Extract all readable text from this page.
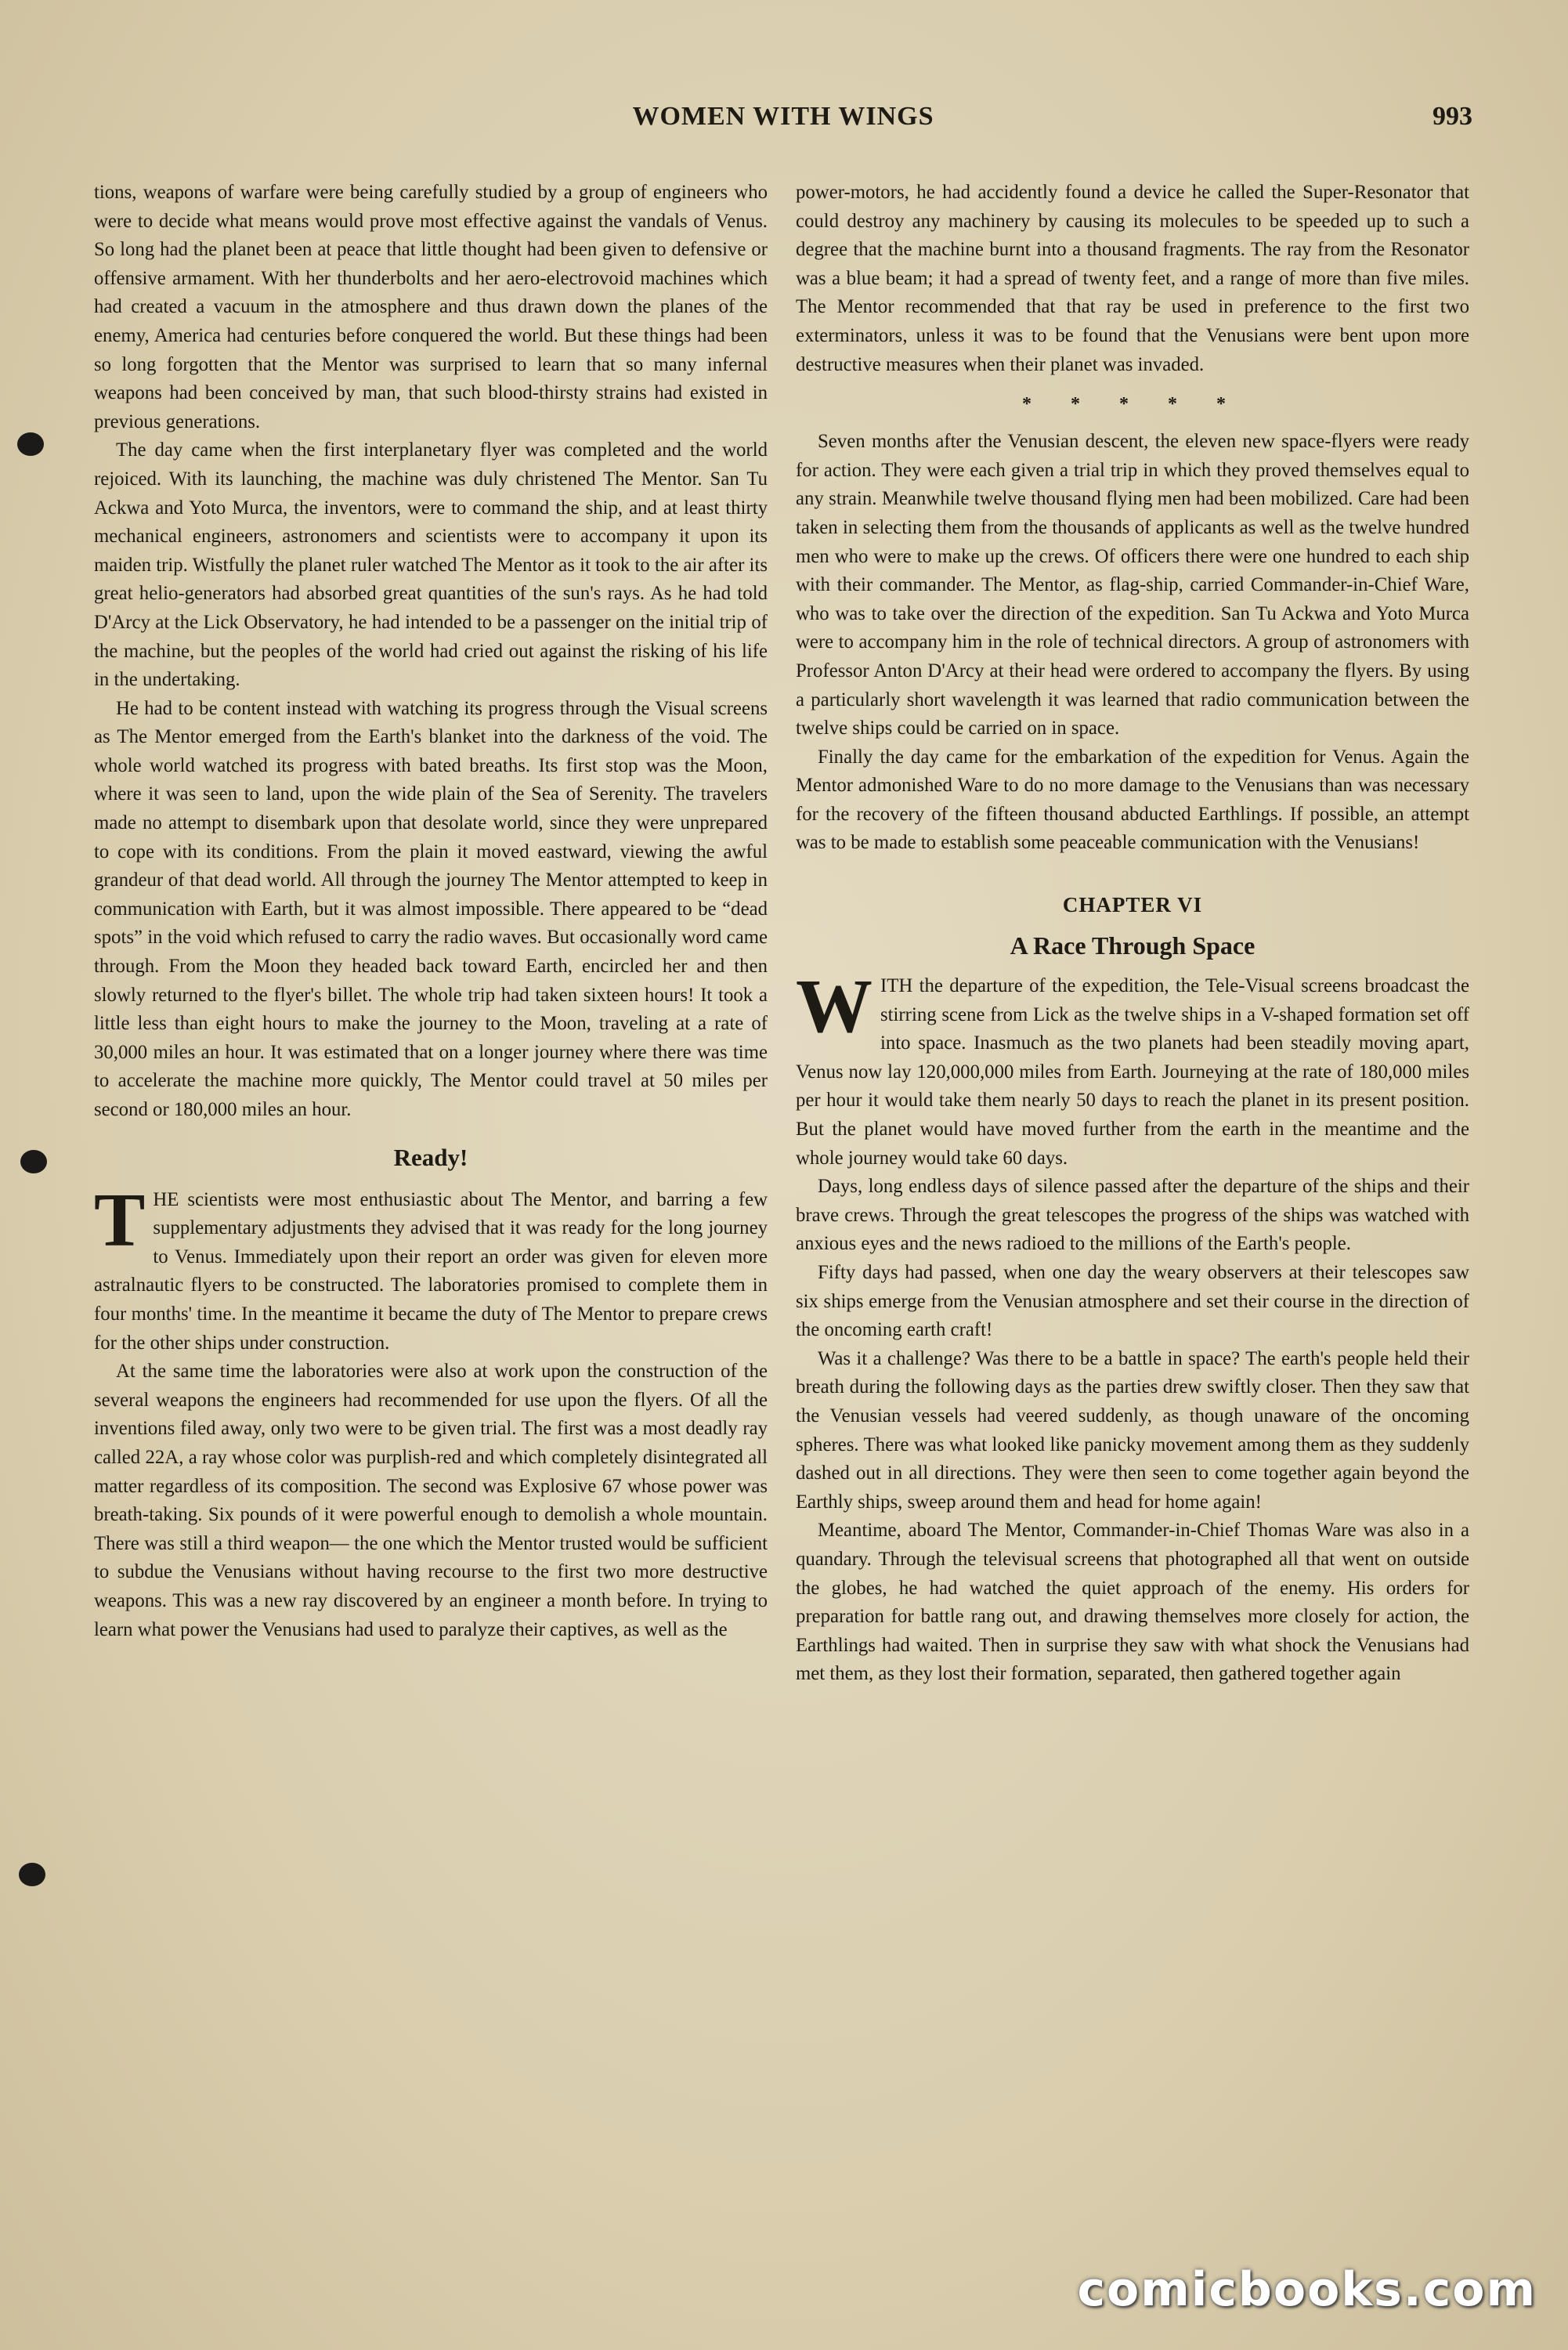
WOMEN WITH WINGS	993

tions, weapons of warfare were being carefully studied by a group of engineers who were to decide what means would prove most effective against the vandals of Venus. So long had the planet been at peace that little thought had been given to defensive or offensive armament. With her thunderbolts and her aero-electrovoid machines which had created a vacuum in the atmosphere and thus drawn down the planes of the enemy, America had centuries before conquered the world. But these things had been so long forgotten that the Mentor was surprised to learn that so many infernal weapons had been conceived by man, that such blood-thirsty strains had existed in previous generations.

The day came when the first interplanetary flyer was completed and the world rejoiced. With its launching, the machine was duly christened The Mentor. San Tu Ackwa and Yoto Murca, the inventors, were to command the ship, and at least thirty mechanical engineers, astronomers and scientists were to accompany it upon its maiden trip. Wistfully the planet ruler watched The Mentor as it took to the air after its great helio-generators had absorbed great quantities of the sun's rays. As he had told D'Arcy at the Lick Observatory, he had intended to be a passenger on the initial trip of the machine, but the peoples of the world had cried out against the risking of his life in the undertaking.

He had to be content instead with watching its progress through the Visual screens as The Mentor emerged from the Earth's blanket into the darkness of the void. The whole world watched its progress with bated breaths. Its first stop was the Moon, where it was seen to land, upon the wide plain of the Sea of Serenity. The travelers made no attempt to disembark upon that desolate world, since they were unprepared to cope with its conditions. From the plain it moved eastward, viewing the awful grandeur of that dead world. All through the journey The Mentor attempted to keep in communication with Earth, but it was almost impossible. There appeared to be “dead spots” in the void which refused to carry the radio waves. But occasionally word came through. From the Moon they headed back toward Earth, encircled her and then slowly returned to the flyer's billet. The whole trip had taken sixteen hours! It took a little less than eight hours to make the journey to the Moon, traveling at a rate of 30,000 miles an hour. It was estimated that on a longer journey where there was time to accelerate the machine more quickly, The Mentor could travel at 50 miles per second or 180,000 miles an hour.

Ready!

THE scientists were most enthusiastic about The Mentor, and barring a few supplementary adjustments they advised that it was ready for the long journey to Venus. Immediately upon their report an order was given for eleven more astralnautic flyers to be constructed. The laboratories promised to complete them in four months' time. In the meantime it became the duty of The Mentor to prepare crews for the other ships under construction.

At the same time the laboratories were also at work upon the construction of the several weapons the engineers had recommended for use upon the flyers. Of all the inventions filed away, only two were to be given trial. The first was a most deadly ray called 22A, a ray whose color was purplish-red and which completely disintegrated all matter regardless of its composition. The second was Explosive 67 whose power was breath-taking. Six pounds of it were powerful enough to demolish a whole mountain. There was still a third weapon— the one which the Mentor trusted would be sufficient to subdue the Venusians without having recourse to the first two more destructive weapons. This was a new ray discovered by an engineer a month before. In trying to learn what power the Venusians had used to paralyze their captives, as well as the

power-motors, he had accidently found a device he called the Super-Resonator that could destroy any machinery by causing its molecules to be speeded up to such a degree that the machine burnt into a thousand fragments. The ray from the Resonator was a blue beam; it had a spread of twenty feet, and a range of more than five miles. The Mentor recommended that that ray be used in preference to the first two exterminators, unless it was to be found that the Venusians were bent upon more destructive measures when their planet was invaded.

* * * * *

Seven months after the Venusian descent, the eleven new space-flyers were ready for action. They were each given a trial trip in which they proved themselves equal to any strain. Meanwhile twelve thousand flying men had been mobilized. Care had been taken in selecting them from the thousands of applicants as well as the twelve hundred men who were to make up the crews. Of officers there were one hundred to each ship with their commander. The Mentor, as flag-ship, carried Commander-in-Chief Ware, who was to take over the direction of the expedition. San Tu Ackwa and Yoto Murca were to accompany him in the role of technical directors. A group of astronomers with Professor Anton D'Arcy at their head were ordered to accompany the flyers. By using a particularly short wavelength it was learned that radio communication between the twelve ships could be carried on in space.

Finally the day came for the embarkation of the expedition for Venus. Again the Mentor admonished Ware to do no more damage to the Venusians than was necessary for the recovery of the fifteen thousand abducted Earthlings. If possible, an attempt was to be made to establish some peaceable communication with the Venusians!

CHAPTER VI
A Race Through Space

WITH the departure of the expedition, the Tele-Visual screens broadcast the stirring scene from Lick as the twelve ships in a V-shaped formation set off into space. Inasmuch as the two planets had been steadily moving apart, Venus now lay 120,000,000 miles from Earth. Journeying at the rate of 180,000 miles per hour it would take them nearly 50 days to reach the planet in its present position. But the planet would have moved further from the earth in the meantime and the whole journey would take 60 days.

Days, long endless days of silence passed after the departure of the ships and their brave crews. Through the great telescopes the progress of the ships was watched with anxious eyes and the news radioed to the millions of the Earth's people.

Fifty days had passed, when one day the weary observers at their telescopes saw six ships emerge from the Venusian atmosphere and set their course in the direction of the oncoming earth craft!

Was it a challenge? Was there to be a battle in space? The earth's people held their breath during the following days as the parties drew swiftly closer. Then they saw that the Venusian vessels had veered suddenly, as though unaware of the oncoming spheres. There was what looked like panicky movement among them as they suddenly dashed out in all directions. They were then seen to come together again beyond the Earthly ships, sweep around them and head for home again!

Meantime, aboard The Mentor, Commander-in-Chief Thomas Ware was also in a quandary. Through the televisual screens that photographed all that went on outside the globes, he had watched the quiet approach of the enemy. His orders for preparation for battle rang out, and drawing themselves more closely for action, the Earthlings had waited. Then in surprise they saw with what shock the Venusians had met them, as they lost their formation, separated, then gathered together again

comicbooks.com
